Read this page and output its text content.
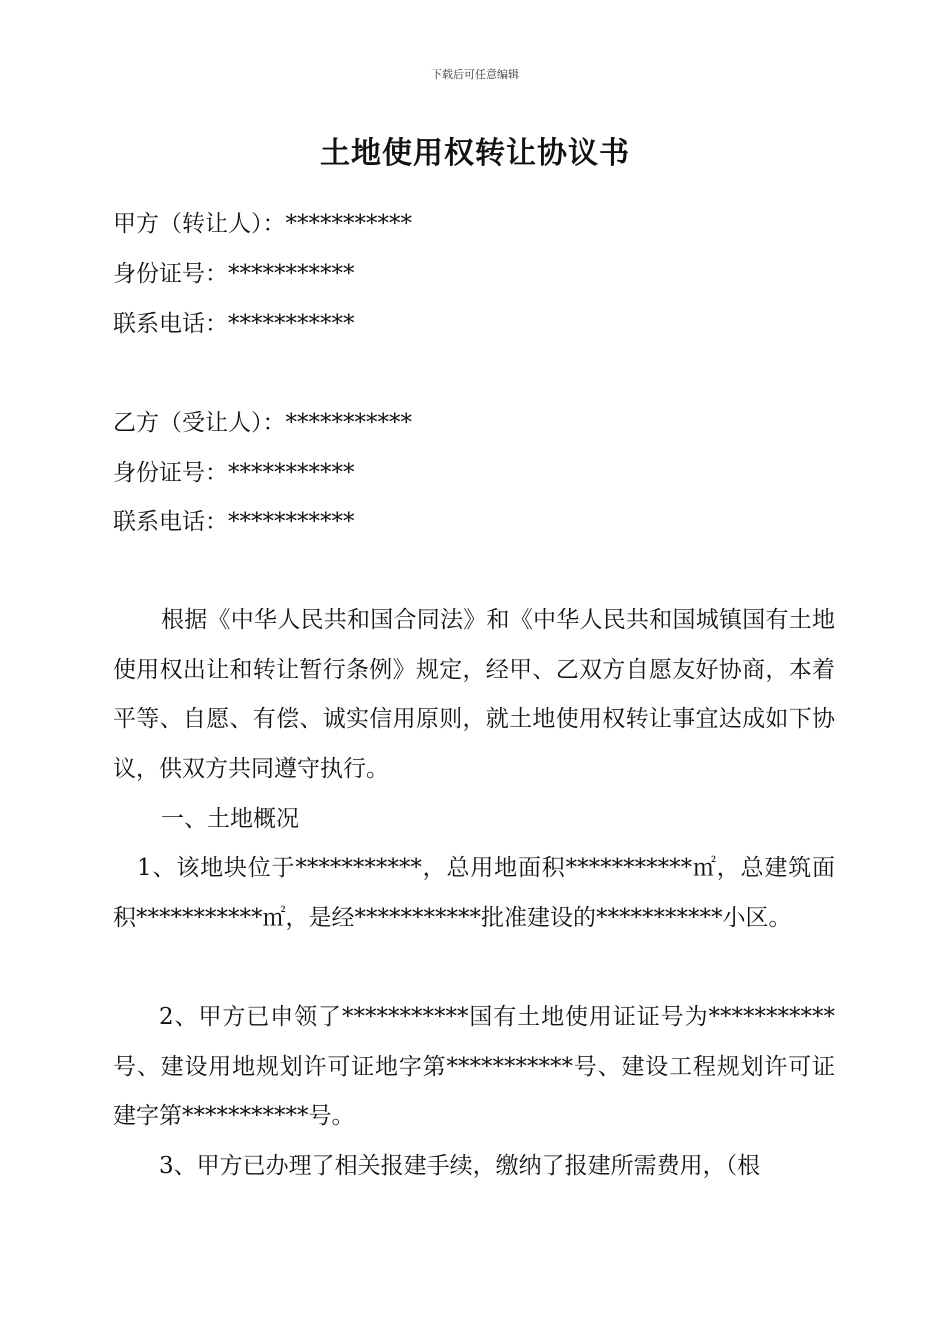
下载后可任意编辑
土地使用权转让协议书
甲方（转让人）：***********
身份证号：***********
联系电话：***********
乙方（受让人）：***********
身份证号：***********
联系电话：***********
根据《中华人民共和国合同法》和《中华人民共和国城镇国有土地使用权出让和转让暂行条例》规定，经甲、乙双方自愿友好协商，本着平等、自愿、有偿、诚实信用原则，就土地使用权转让事宜达成如下协议，供双方共同遵守执行。
一、土地概况
1、该地块位于***********，总用地面积***********㎡，总建筑面积***********㎡，是经***********批准建设的***********小区。
2、甲方已申领了***********国有土地使用证证号为***********号、建设用地规划许可证地字第***********号、建设工程规划许可证建字第***********号。
3、甲方已办理了相关报建手续，缴纳了报建所需费用，（根
